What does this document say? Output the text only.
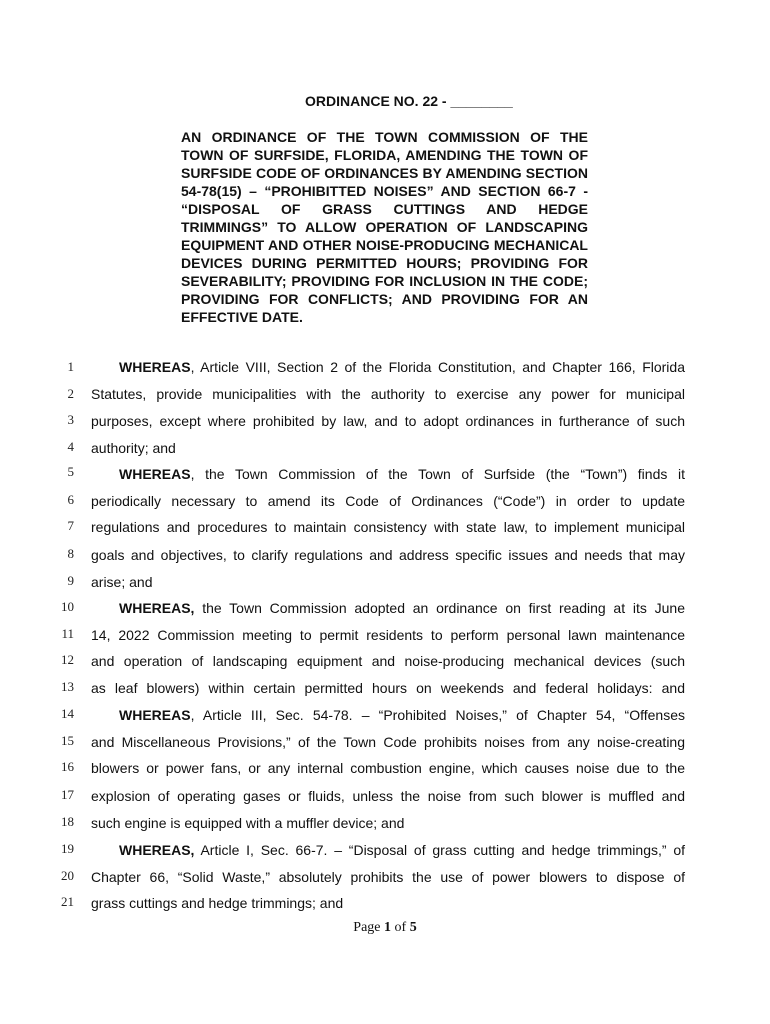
ORDINANCE NO. 22 - ________
AN ORDINANCE OF THE TOWN COMMISSION OF THE TOWN OF SURFSIDE, FLORIDA, AMENDING THE TOWN OF SURFSIDE CODE OF ORDINANCES BY AMENDING SECTION 54-78(15) – “PROHIBITTED NOISES” AND SECTION 66-7 - “DISPOSAL OF GRASS CUTTINGS AND HEDGE TRIMMINGS” TO ALLOW OPERATION OF LANDSCAPING EQUIPMENT AND OTHER NOISE-PRODUCING MECHANICAL DEVICES DURING PERMITTED HOURS; PROVIDING FOR SEVERABILITY; PROVIDING FOR INCLUSION IN THE CODE; PROVIDING FOR CONFLICTS; AND PROVIDING FOR AN EFFECTIVE DATE.
1	WHEREAS, Article VIII, Section 2 of the Florida Constitution, and Chapter 166, Florida
2 Statutes, provide municipalities with the authority to exercise any power for municipal
3 purposes, except where prohibited by law, and to adopt ordinances in furtherance of such
4 authority; and
5	WHEREAS, the Town Commission of the Town of Surfside (the “Town”) finds it
6 periodically necessary to amend its Code of Ordinances (“Code”) in order to update
7 regulations and procedures to maintain consistency with state law, to implement municipal
8 goals and objectives, to clarify regulations and address specific issues and needs that may
9 arise; and
10	WHEREAS, the Town Commission adopted an ordinance on first reading at its June
11 14, 2022 Commission meeting to permit residents to perform personal lawn maintenance
12 and operation of landscaping equipment and noise-producing mechanical devices (such
13 as leaf blowers) within certain permitted hours on weekends and federal holidays: and
14	WHEREAS, Article III, Sec. 54-78. – “Prohibited Noises,” of Chapter 54, “Offenses
15 and Miscellaneous Provisions,” of the Town Code prohibits noises from any noise-creating
16 blowers or power fans, or any internal combustion engine, which causes noise due to the
17 explosion of operating gases or fluids, unless the noise from such blower is muffled and
18 such engine is equipped with a muffler device; and
19	WHEREAS, Article I, Sec. 66-7. – “Disposal of grass cutting and hedge trimmings,” of
20 Chapter 66, “Solid Waste,” absolutely prohibits the use of power blowers to dispose of
21 grass cuttings and hedge trimmings; and
Page 1 of 5
